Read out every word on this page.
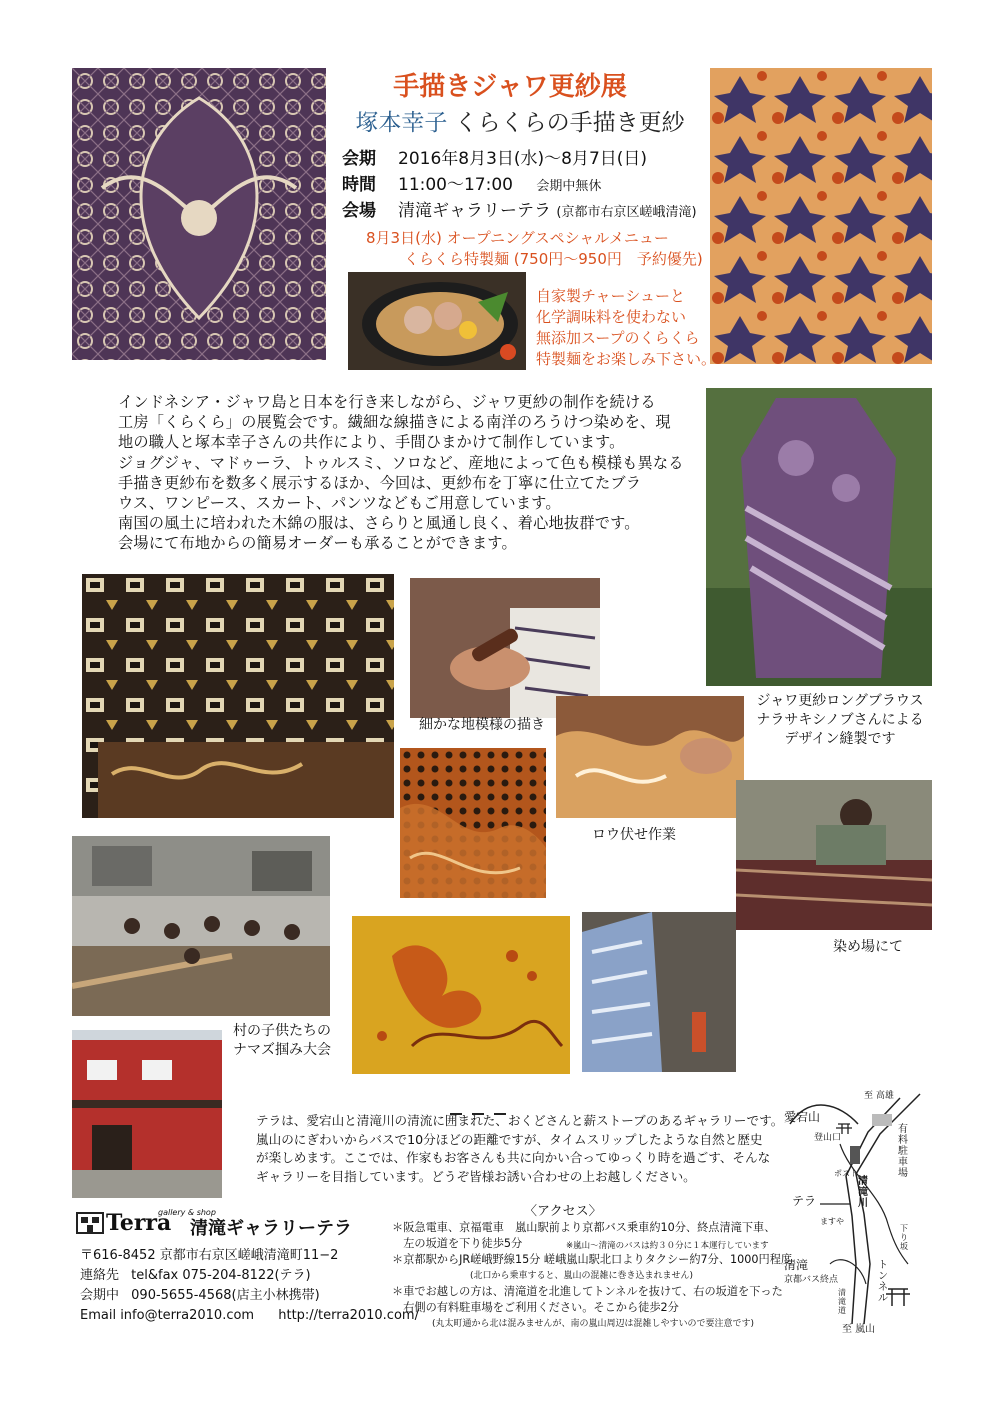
手描きジャワ更紗展
塚本幸子 くらくらの手描き更紗
会期 2016年8月3日(水)〜8月7日(日)
時間 11:00〜17:00 会期中無休
会場 清滝ギャラリーテラ (京都市右京区嵯峨清滝)
8月3日(水) オープニングスペシャルメニュー
くらくら特製麺 (750円〜950円　予約優先)
自家製チャーシューと
化学調味料を使わない
無添加スープのくらくら
特製麺をお楽しみ下さい。
インドネシア・ジャワ島と日本を行き来しながら、ジャワ更紗の制作を続ける
工房「くらくら」の展覧会です。繊細な線描きによる南洋のろうけつ染めを、現
地の職人と塚本幸子さんの共作により、手間ひまかけて制作しています。
ジョグジャ、マドゥーラ、トゥルスミ、ソロなど、産地によって色も模様も異なる
手描き更紗布を数多く展示するほか、今回は、更紗布を丁寧に仕立てたブラ
ウス、ワンピース、スカート、パンツなどもご用意しています。
南国の風土に培われた木綿の服は、さらりと風通し良く、着心地抜群です。
会場にて布地からの簡易オーダーも承ることができます。
細かな地模様の描き
ジャワ更紗ロングブラウス
ナラサキシノブさんによる
デザイン縫製です
ロウ伏せ作業
染め場にて
村の子供たちの
ナマズ掴み大会
テラは、愛宕山と清滝川の清流に囲まれた、おくどさんと薪ストーブのあるギャラリーです。
嵐山のにぎわいからバスで10分ほどの距離ですが、タイムスリップしたような自然と歴史
が楽しめます。ここでは、作家もお客さんも共に向かい合ってゆっくり時を過ごす、そんな
ギャラリーを目指しています。どうぞ皆様お誘い合わせの上お越しください。
Terra
gallery & shop
清滝ギャラリーテラ
〒616-8452 京都市右京区嵯峨清滝町11−2
連絡先 tel&fax 075-204-8122(テラ)
会期中 090-5655-4568(店主小林携帯)
Email info@terra2010.com http://terra2010.com/
〈アクセス〉
＊阪急電車、京福電車　嵐山駅前より京都バス乗車約10分、終点清滝下車、
　左の坂道を下り徒歩5分	※嵐山〜清滝のバスは約３０分に１本運行しています
＊京都駅からJR嵯峨野線15分 嵯峨嵐山駅北口よりタクシー約7分、1000円程度
(北口から乗車すると、嵐山の混雑に巻き込まれません)
＊車でお越しの方は、清滝道を北進してトンネルを抜けて、右の坂道を下った
　右側の有料駐車場をご利用ください。そこから徒歩2分
(丸太町通から北は混みませんが、南の嵐山周辺は混雑しやすいので要注意です)
至 高雄
愛宕山
登山口
有料駐車場
ポスト
テラ
ますや
清滝川
下り坂
清滝
京都バス終点
トンネル
清滝道
至 嵐山
